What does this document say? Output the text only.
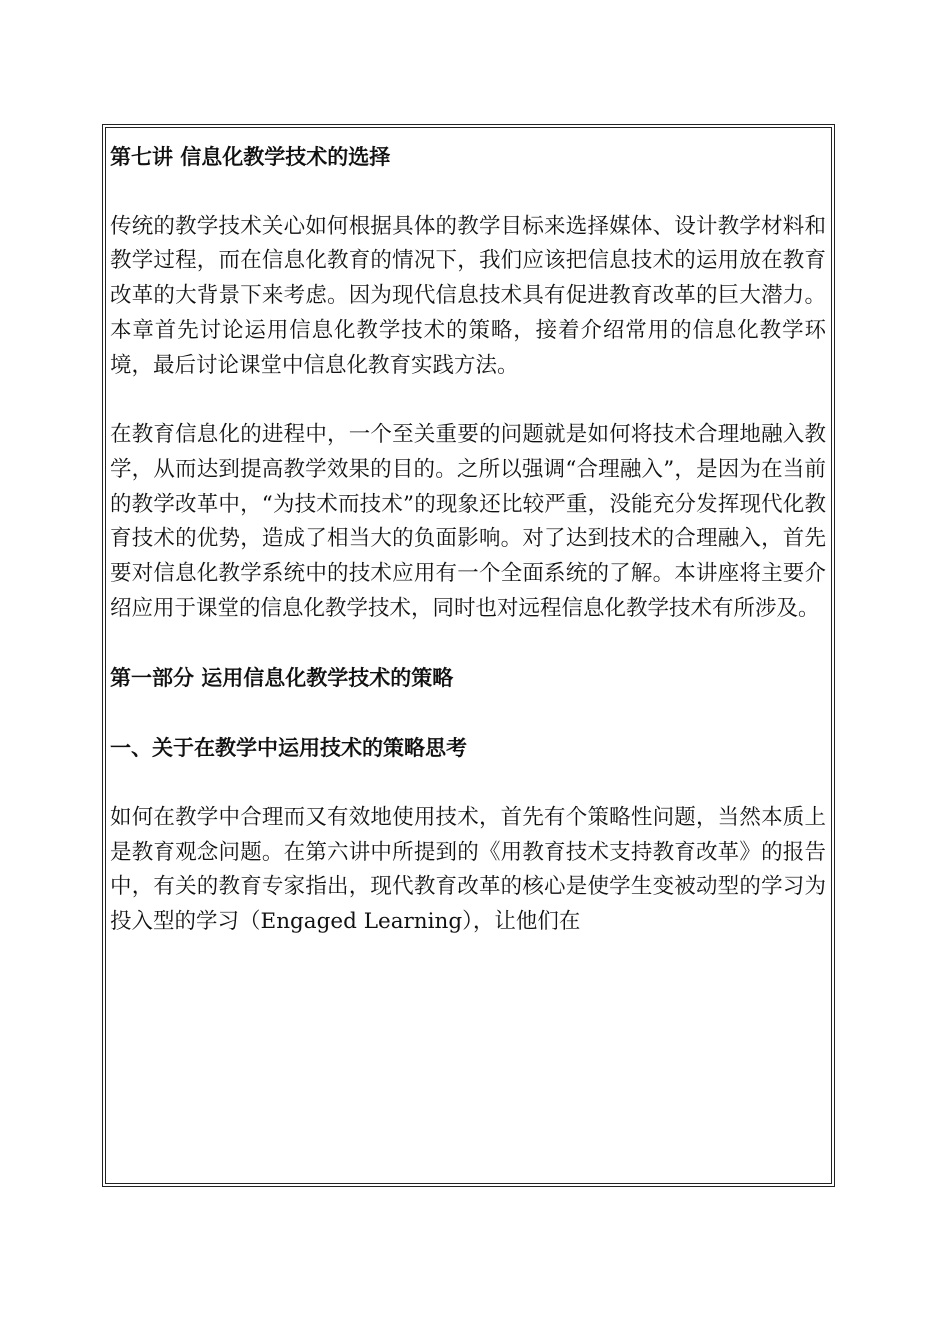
第七讲 信息化教学技术的选择

传统的教学技术关心如何根据具体的教学目标来选择媒体、设计教学材料和教学过程，而在信息化教育的情况下，我们应该把信息技术的运用放在教育改革的大背景下来考虑。因为现代信息技术具有促进教育改革的巨大潜力。本章首先讨论运用信息化教学技术的策略，接着介绍常用的信息化教学环境，最后讨论课堂中信息化教育实践方法。

在教育信息化的进程中，一个至关重要的问题就是如何将技术合理地融入教学，从而达到提高教学效果的目的。之所以强调“合理融入”，是因为在当前的教学改革中，“为技术而技术”的现象还比较严重，没能充分发挥现代化教育技术的优势，造成了相当大的负面影响。对了达到技术的合理融入，首先要对信息化教学系统中的技术应用有一个全面系统的了解。本讲座将主要介绍应用于课堂的信息化教学技术，同时也对远程信息化教学技术有所涉及。

第一部分 运用信息化教学技术的策略

一、关于在教学中运用技术的策略思考

如何在教学中合理而又有效地使用技术，首先有个策略性问题，当然本质上是教育观念问题。在第六讲中所提到的《用教育技术支持教育改革》的报告中，有关的教育专家指出，现代教育改革的核心是使学生变被动型的学习为投入型的学习（Engaged Learning），让他们在
